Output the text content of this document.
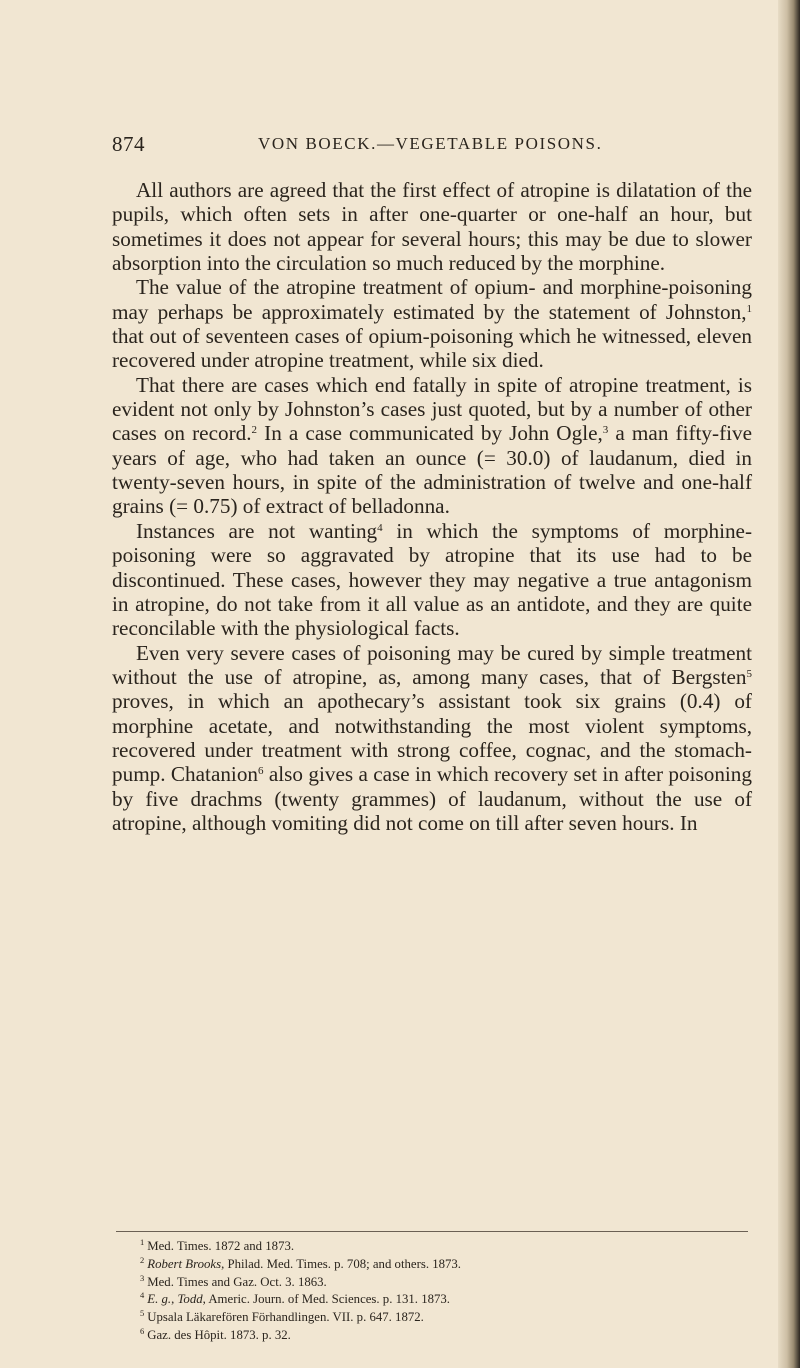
874	VON BOECK.—VEGETABLE POISONS.

All authors are agreed that the first effect of atropine is dilatation of the pupils, which often sets in after one-quarter or one-half an hour, but sometimes it does not appear for several hours; this may be due to slower absorption into the circulation so much reduced by the morphine.

The value of the atropine treatment of opium- and morphine-poisoning may perhaps be approximately estimated by the statement of Johnston,$^1$ that out of seventeen cases of opium-poisoning which he witnessed, eleven recovered under atropine treatment, while six died.

That there are cases which end fatally in spite of atropine treatment, is evident not only by Johnston’s cases just quoted, but by a number of other cases on record.$^2$ In a case communicated by John Ogle,$^3$ a man fifty-five years of age, who had taken an ounce (= 30.0) of laudanum, died in twenty-seven hours, in spite of the administration of twelve and one-half grains (= 0.75) of extract of belladonna.

Instances are not wanting$^4$ in which the symptoms of morphine-poisoning were so aggravated by atropine that its use had to be discontinued. These cases, however they may negative a true antagonism in atropine, do not take from it all value as an antidote, and they are quite reconcilable with the physiological facts.

Even very severe cases of poisoning may be cured by simple treatment without the use of atropine, as, among many cases, that of Bergsten$^5$ proves, in which an apothecary’s assistant took six grains (0.4) of morphine acetate, and notwithstanding the most violent symptoms, recovered under treatment with strong coffee, cognac, and the stomach-pump. Chatanion$^6$ also gives a case in which recovery set in after poisoning by five drachms (twenty grammes) of laudanum, without the use of atropine, although vomiting did not come on till after seven hours. In

$^1$ Med. Times. 1872 and 1873.
$^2$ Robert Brooks, Philad. Med. Times. p. 708; and others. 1873.
$^3$ Med. Times and Gaz. Oct. 3. 1863.
$^4$ E. g., Todd, Americ. Journ. of Med. Sciences. p. 131. 1873.
$^5$ Upsala Läkarefören Förhandlingen. VII. p. 647. 1872.
$^6$ Gaz. des Hôpit. 1873. p. 32.
